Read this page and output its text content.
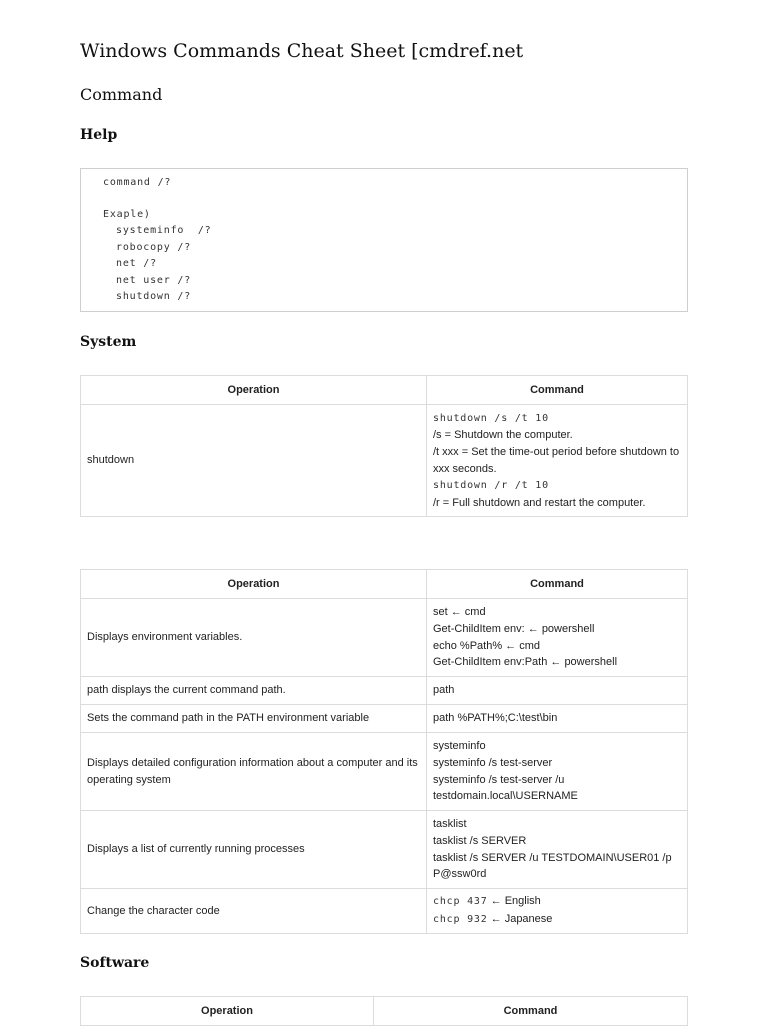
Windows Commands Cheat Sheet [cmdref.net
Command
Help
command /?
Exaple)
systeminfo  /?
robocopy /?
net /?
net user /?
shutdown /?
System
Operation	Command
shutdown	shutdown /s /t 10
/s = Shutdown the computer.
/t xxx = Set the time-out period before shutdown to xxx seconds.
shutdown /r /t 10
/r = Full shutdown and restart the computer.
Operation	Command
Displays environment variables.	set ← cmd
Get-ChildItem env: ← powershell
echo %Path% ← cmd
Get-ChildItem env:Path ← powershell

path displays the current command path.	path

Sets the command path in the PATH environment variable	path %PATH%;C:\test\bin

Displays detailed configuration information about a computer and its operating system	systeminfo
systeminfo /s test-server
systeminfo /s test-server /u testdomain.local\USERNAME

Displays a list of currently running processes	tasklist
tasklist /s SERVER
tasklist /s SERVER /u TESTDOMAIN\USER01 /p P@ssw0rd

Change the character code	chcp 437 ← English
chcp 932 ← Japanese
Software
Operation	Command
